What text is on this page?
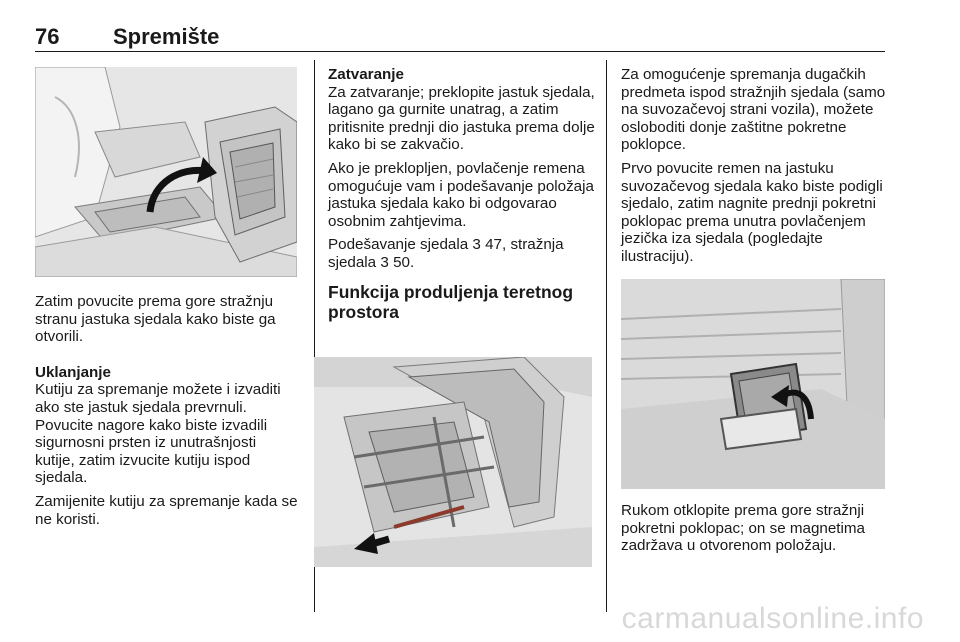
76 Spremište

Zatim povucite prema gore stražnju stranu jastuka sjedala kako biste ga otvorili.

Uklanjanje

Kutiju za spremanje možete i izvaditi ako ste jastuk sjedala prevrnuli. Povucite nagore kako biste izvadili sigurnosni prsten iz unutrašnjosti kutije, zatim izvucite kutiju ispod sjedala.

Zamijenite kutiju za spremanje kada se ne koristi.

Zatvaranje

Za zatvaranje; preklopite jastuk sjedala, lagano ga gurnite unatrag, a zatim pritisnite prednji dio jastuka prema dolje kako bi se zakvačio.

Ako je preklopljen, povlačenje remena omogućuje vam i podešavanje položaja jastuka sjedala kako bi odgovarao osobnim zahtjevima.

Podešavanje sjedala 3 47, stražnja sjedala 3 50.

Funkcija produljenja teretnog prostora

Za omogućenje spremanja dugačkih predmeta ispod stražnjih sjedala (samo na suvozačevoj strani vozila), možete osloboditi donje zaštitne pokretne poklopce.

Prvo povucite remen na jastuku suvozačevog sjedala kako biste podigli sjedalo, zatim nagnite prednji pokretni poklopac prema unutra povlačenjem jezička iza sjedala (pogledajte ilustraciju).

Rukom otklopite prema gore stražnji pokretni poklopac; on se magnetima zadržava u otvorenom položaju.

carmanualsonline.info
